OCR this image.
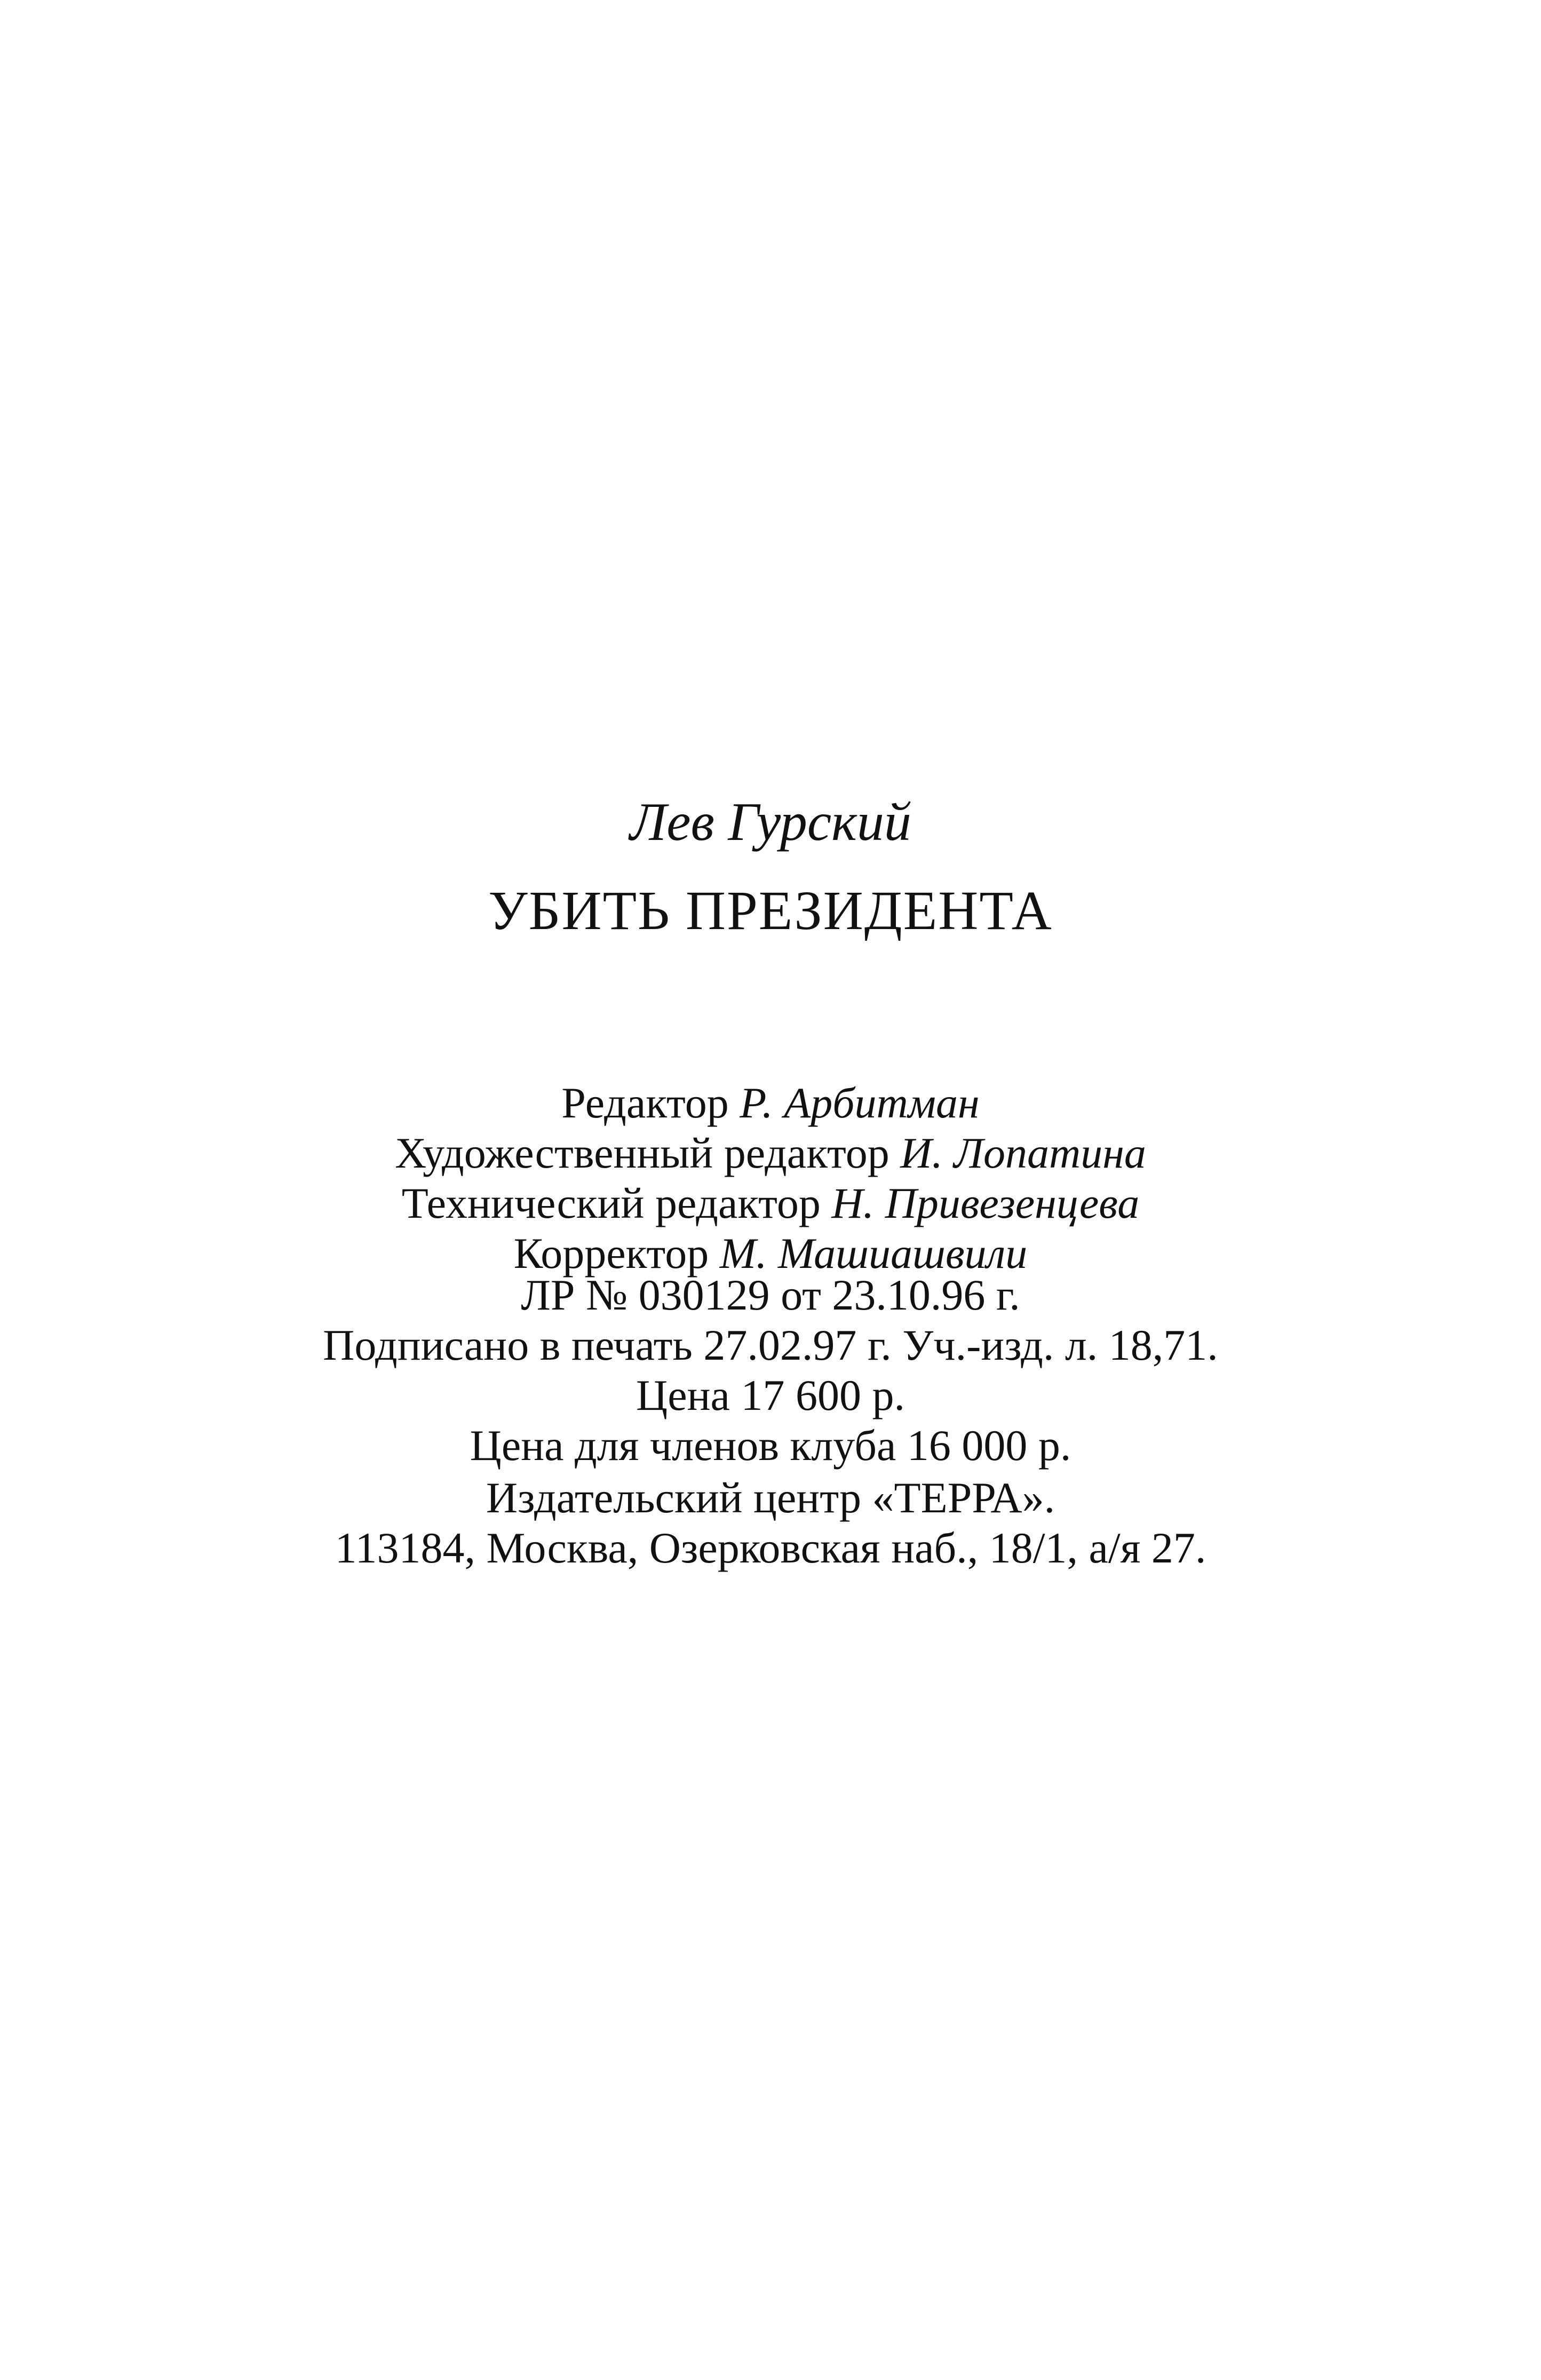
Лев Гурский
УБИТЬ ПРЕЗИДЕНТА
Редактор Р. Арбитман
Художественный редактор И. Лопатина
Технический редактор Н. Привезенцева
Корректор М. Машиашвили
ЛР № 030129 от 23.10.96 г.
Подписано в печать 27.02.97 г. Уч.-изд. л. 18,71.
Цена 17 600 р.
Цена для членов клуба 16 000 р.
Издательский центр «ТЕРРА».
113184, Москва, Озерковская наб., 18/1, а/я 27.
